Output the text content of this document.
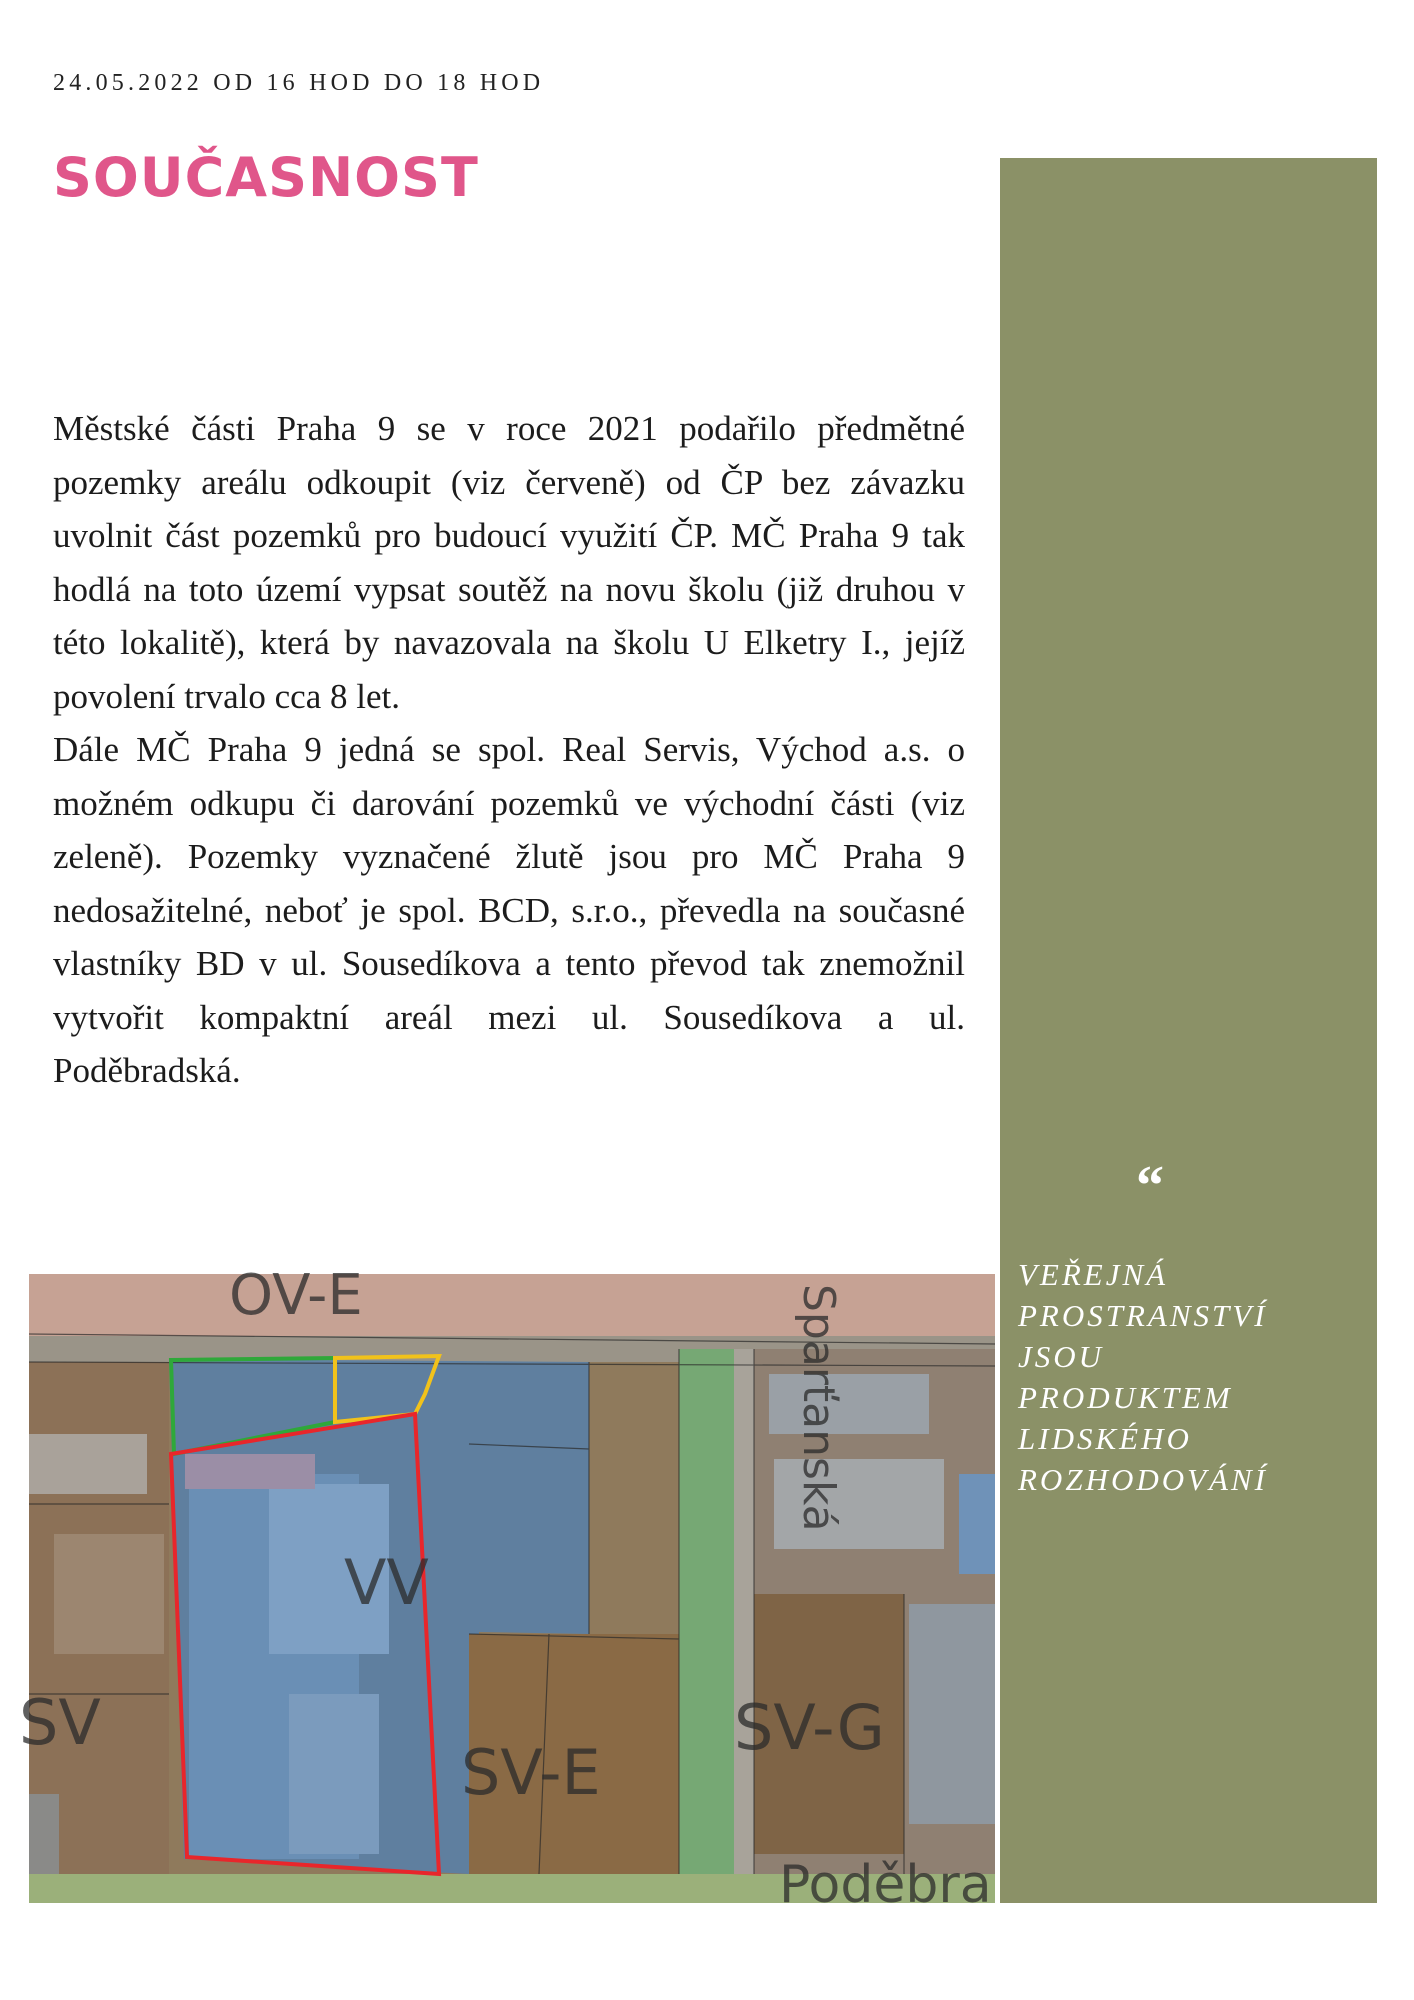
24.05.2022 OD 16 HOD DO 18 HOD
SOUČASNOST

Městské části Praha 9 se v roce 2021 podařilo předmětné pozemky areálu odkoupit (viz červeně) od ČP bez závazku uvolnit část pozemků pro budoucí využití ČP. MČ Praha 9 tak hodlá na toto území vypsat soutěž na novu školu (již druhou v této lokalitě), která by navazovala na školu U Elketry I., jejíž povolení trvalo cca 8 let.

Dále MČ Praha 9 jedná se spol. Real Servis, Východ a.s. o možném odkupu či darování pozemků ve východní části (viz zeleně). Pozemky vyznačené žlutě jsou pro MČ Praha 9 nedosažitelné, neboť je spol. BCD, s.r.o., převedla na současné vlastníky BD v ul. Sousedíkova a tento převod tak znemožnil vytvořit kompaktní areál mezi ul. Sousedíkova a ul. Poděbradská.

“
VEŘEJNÁ
PROSTRANSTVÍ
JSOU
PRODUKTEM
LIDSKÉHO
ROZHODOVÁNÍ
OV-E
VV
SV
SV-E
SV-G
Poděbra
Sparťanská
